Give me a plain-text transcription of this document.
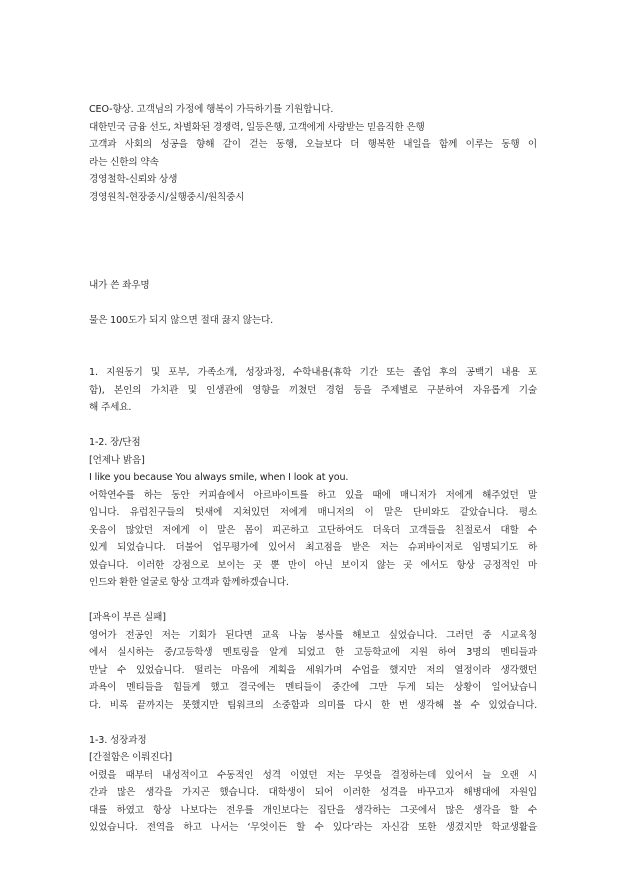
CEO-향상. 고객님의 가정에 행복이 가득하기를 기원합니다.

대한민국 금융 선도, 차별화된 경쟁력, 일등은행, 고객에게 사랑받는 믿음직한 은행

고객과 사회의 성공을 향해 같이 걷는 동행, 오늘보다 더 행복한 내일을 함께 이루는 동행 이

라는 신한의 약속

경영철학-신뢰와 상생

경영원칙-현장중시/실행중시/원칙중시

내가 쓴 좌우명

물은 100도가 되지 않으면 절대 끓지 않는다.

1. 지원동기 및 포부, 가족소개, 성장과정, 수학내용(휴학 기간 또는 졸업 후의 공백기 내용 포

함), 본인의 가치관 및 인생관에 영향을 끼쳤던 경험 등을 주제별로 구분하여 자유롭게 기술

해 주세요.

1-2. 장/단점

[언제나 밝음]

I like you because You always smile, when I look at you.

어학연수를 하는 동안 커피숍에서 아르바이트를 하고 있을 때에 매니저가 저에게 해주었던 말

입니다. 유럽친구들의 텃새에 지쳐있던 저에게 매니저의 이 말은 단비와도 같았습니다. 평소

웃음이 많았던 저에게 이 말은 몸이 피곤하고 고단하여도 더욱더 고객들을 친절로서 대할 수

있게 되었습니다. 더불어 업무평가에 있어서 최고점을 받은 저는 슈퍼바이저로 임명되기도 하

였습니다. 이러한 강점으로 보이는 곳 뿐 만이 아닌 보이지 않는 곳 에서도 항상 긍정적인 마

인드와 환한 얼굴로 항상 고객과 함께하겠습니다.

[과욕이 부른 실패]

영어가 전공인 저는 기회가 된다면 교육 나눔 봉사를 해보고 싶었습니다. 그러던 중 시교육청

에서 실시하는 중/고등학생 멘토링을 알게 되었고 한 고등학교에 지원 하여 3명의 멘티들과

만날 수 있었습니다. 떨리는 마음에 계획을 세워가며 수업을 했지만 저의 열정이라 생각했던

과욕이 멘티들을 힘들게 했고 결국에는 멘티들이 중간에 그만 두게 되는 상황이 일어났습니

다. 비록 끝까지는 못했지만 팀워크의 소중함과 의미를 다시 한 번 생각해 볼 수 있었습니다.

1-3. 성장과정

[간절함은 이뤄진다]

어렸을 때부터 내성적이고 수동적인 성격 이였던 저는 무엇을 결정하는데 있어서 늘 오랜 시

간과 많은 생각을 가지곤 했습니다. 대학생이 되어 이러한 성격을 바꾸고자 해병대에 자원입

대를 하였고 항상 나보다는 전우를 개인보다는 집단을 생각하는 그곳에서 많은 생각을 할 수

있었습니다. 전역을 하고 나서는 ‘무엇이든 할 수 있다’라는 자신감 또한 생겼지만 학교생활을
